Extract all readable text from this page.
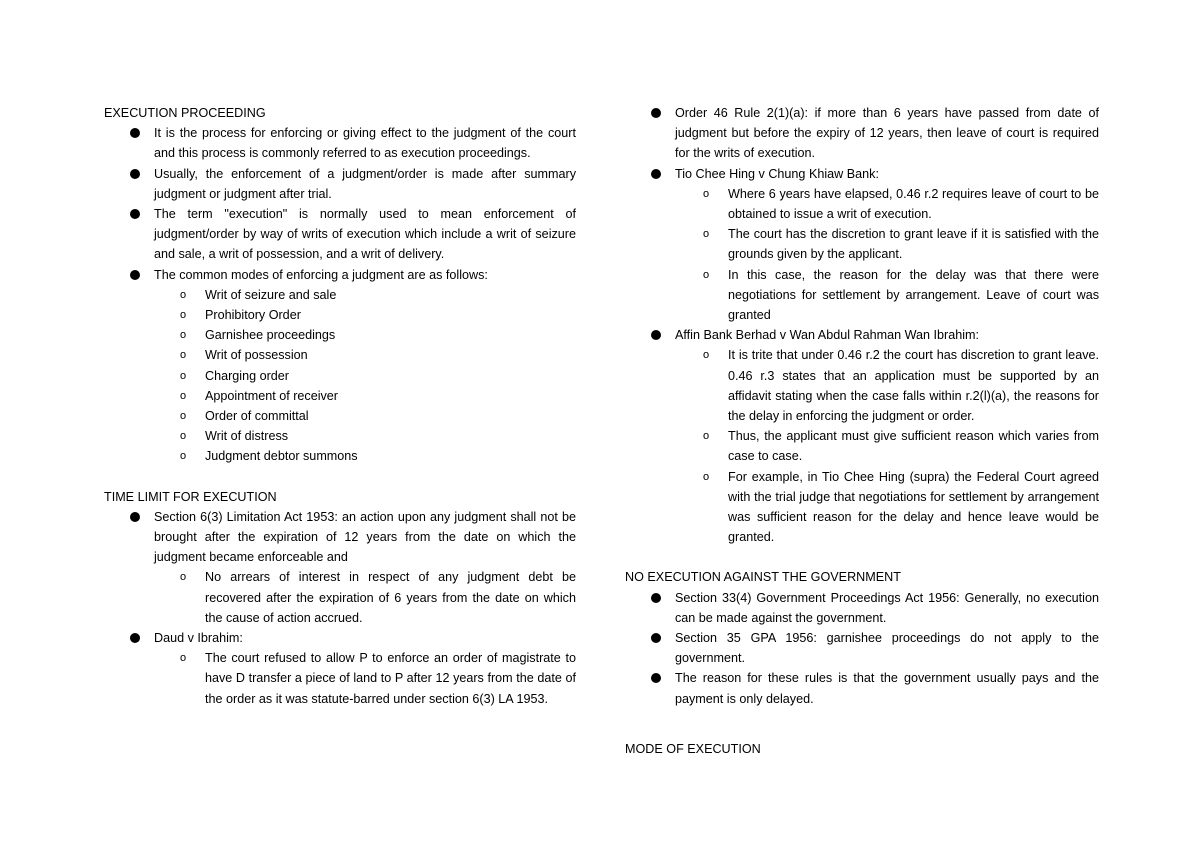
EXECUTION PROCEEDING

It is the process for enforcing or giving effect to the judgment of the court and this process is commonly referred to as execution proceedings.
Usually, the enforcement of a judgment/order is made after summary judgment or judgment after trial.
The term "execution" is normally used to mean enforcement of judgment/order by way of writs of execution which include a writ of seizure and sale, a writ of possession, and a writ of delivery.
The common modes of enforcing a judgment are as follows:
o Writ of seizure and sale
o Prohibitory Order
o Garnishee proceedings
o Writ of possession
o Charging order
o Appointment of receiver
o Order of committal
o Writ of distress
o Judgment debtor summons

TIME LIMIT FOR EXECUTION

Section 6(3) Limitation Act 1953: an action upon any judgment shall not be brought after the expiration of 12 years from the date on which the judgment became enforceable and
o No arrears of interest in respect of any judgment debt be recovered after the expiration of 6 years from the date on which the cause of action accrued.
Daud v Ibrahim:
o The court refused to allow P to enforce an order of magistrate to have D transfer a piece of land to P after 12 years from the date of the order as it was statute-barred under section 6(3) LA 1953.
Order 46 Rule 2(1)(a): if more than 6 years have passed from date of judgment but before the expiry of 12 years, then leave of court is required for the writs of execution.
Tio Chee Hing v Chung Khiaw Bank:
o Where 6 years have elapsed, 0.46 r.2 requires leave of court to be obtained to issue a writ of execution.
o The court has the discretion to grant leave if it is satisfied with the grounds given by the applicant.
o In this case, the reason for the delay was that there were negotiations for settlement by arrangement. Leave of court was granted
Affin Bank Berhad v Wan Abdul Rahman Wan Ibrahim:
o It is trite that under 0.46 r.2 the court has discretion to grant leave. 0.46 r.3 states that an application must be supported by an affidavit stating when the case falls within r.2(l)(a), the reasons for the delay in enforcing the judgment or order.
o Thus, the applicant must give sufficient reason which varies from case to case.
o For example, in Tio Chee Hing (supra) the Federal Court agreed with the trial judge that negotiations for settlement by arrangement was sufficient reason for the delay and hence leave would be granted.

NO EXECUTION AGAINST THE GOVERNMENT

Section 33(4) Government Proceedings Act 1956: Generally, no execution can be made against the government.
Section 35 GPA 1956: garnishee proceedings do not apply to the government.
The reason for these rules is that the government usually pays and the payment is only delayed.

MODE OF EXECUTION
